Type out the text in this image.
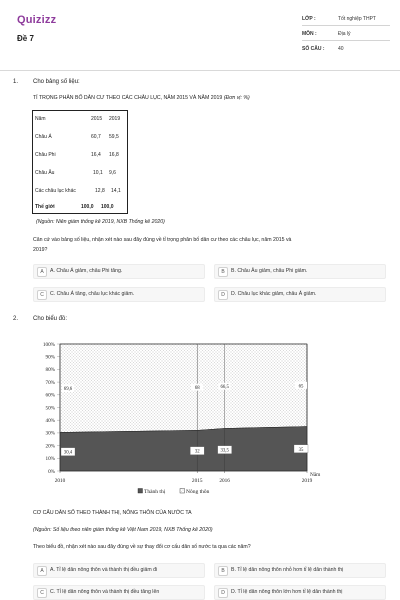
Quizizz
Đề 7
LỚP :	Tốt nghiệp THPT
MÔN :	Địa lý
SỐ CÂU :	40
1. Cho bảng số liệu:
TỈ TRỌNG PHÂN BỐ DÂN CƯ THEO CÁC CHÂU LỤC, NĂM 2015 VÀ NĂM 2019 (Đơn vị: %)
Năm	2015 2019
Châu Á	60,7 59,5
Châu Phi	16,4 16,8
Châu Âu	10,1 9,6
Các châu lục khác	12,8 14,1
Thế giới	100,0 100,0
(Nguồn: Niên giám thống kê 2019, NXB Thống kê 2020)
Căn cứ vào bảng số liệu, nhận xét nào sau đây đúng về tỉ trọng phân bố dân cư theo các châu lục, năm 2015 và
2019?
A	A. Châu Á giảm, châu Phi tăng.	B	B. Châu Âu giảm, châu Phi giảm.
C	C. Châu Á tăng, châu lục khác giảm.	D	D. Châu lục khác giảm, châu Á giảm.
2. Cho biểu đồ:
0%
10%
20%
30%
40%
50%
60%
70%
80%
90%
100%
2010	2015	2016	2019
Năm
30,4
69,6
32
68
33,5
66,5
35
65
Thành thị	Nông thôn
CƠ CẤU DÂN SỐ THEO THÀNH THỊ, NÔNG THÔN CỦA NƯỚC TA
(Nguồn: Số liệu theo niên giám thống kê Việt Nam 2019, NXB Thống kê 2020)
Theo biểu đồ, nhận xét nào sau đây đúng về sự thay đổi cơ cấu dân số nước ta qua các năm?
A	A. Tỉ lệ dân nông thôn và thành thị đều giảm đi	B	B. Tỉ lệ dân nông thôn nhỏ hơn tỉ lệ dân thành thị
C	C. Tỉ lệ dân nông thôn và thành thị đều tăng lên	D	D. Tỉ lệ dân nông thôn lớn hơn tỉ lệ dân thành thị
